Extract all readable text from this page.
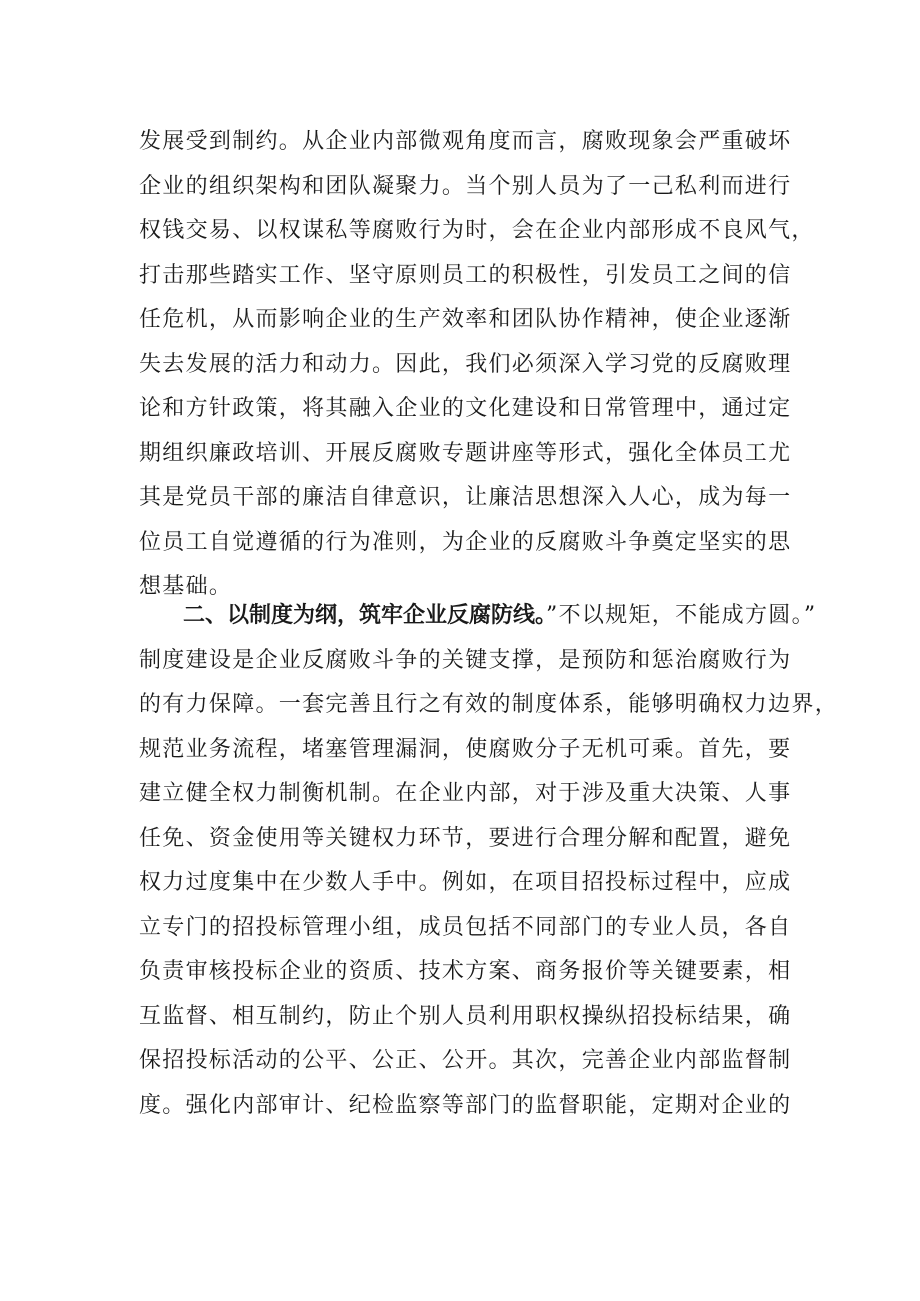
发展受到制约。从企业内部微观角度而言，腐败现象会严重破坏
企业的组织架构和团队凝聚力。当个别人员为了一己私利而进行
权钱交易、以权谋私等腐败行为时，会在企业内部形成不良风气，
打击那些踏实工作、坚守原则员工的积极性，引发员工之间的信
任危机，从而影响企业的生产效率和团队协作精神，使企业逐渐
失去发展的活力和动力。因此，我们必须深入学习党的反腐败理
论和方针政策，将其融入企业的文化建设和日常管理中，通过定
期组织廉政培训、开展反腐败专题讲座等形式，强化全体员工尤
其是党员干部的廉洁自律意识，让廉洁思想深入人心，成为每一
位员工自觉遵循的行为准则，为企业的反腐败斗争奠定坚实的思
想基础。
二、以制度为纲，筑牢企业反腐防线。”不以规矩，不能成方圆。”
制度建设是企业反腐败斗争的关键支撑，是预防和惩治腐败行为
的有力保障。一套完善且行之有效的制度体系，能够明确权力边界，
规范业务流程，堵塞管理漏洞，使腐败分子无机可乘。首先，要
建立健全权力制衡机制。在企业内部，对于涉及重大决策、人事
任免、资金使用等关键权力环节，要进行合理分解和配置，避免
权力过度集中在少数人手中。例如，在项目招投标过程中，应成
立专门的招投标管理小组，成员包括不同部门的专业人员，各自
负责审核投标企业的资质、技术方案、商务报价等关键要素，相
互监督、相互制约，防止个别人员利用职权操纵招投标结果，确
保招投标活动的公平、公正、公开。其次，完善企业内部监督制
度。强化内部审计、纪检监察等部门的监督职能，定期对企业的
